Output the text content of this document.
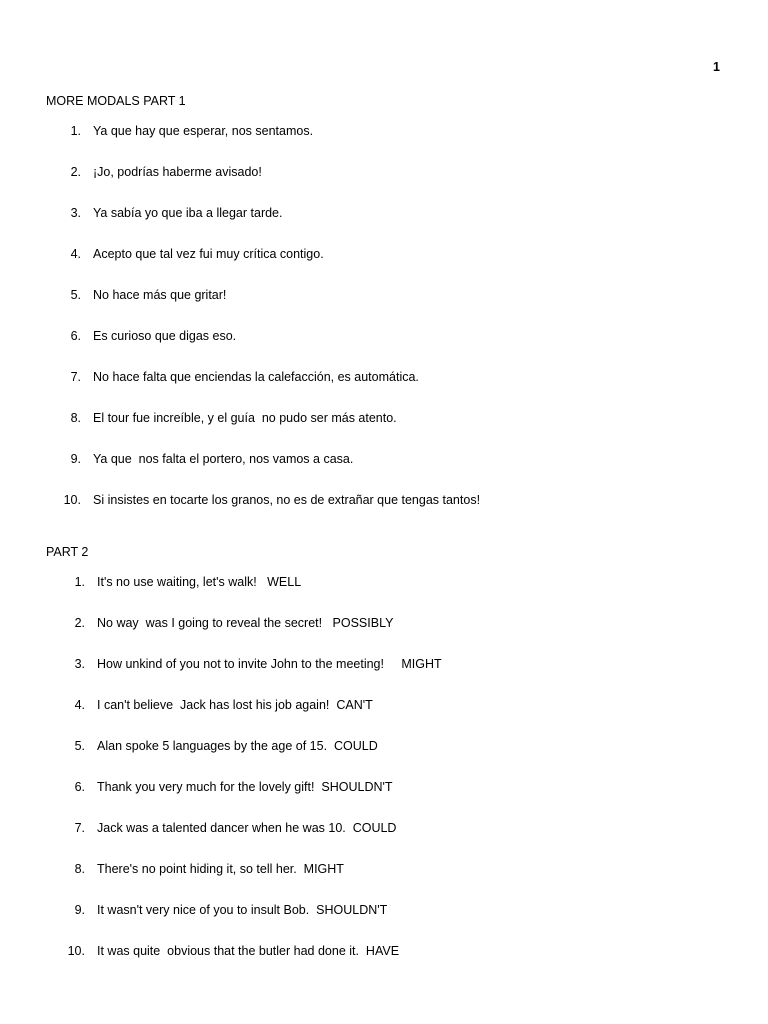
1
MORE MODALS PART 1
1. Ya que hay que esperar, nos sentamos.
2. ¡Jo, podrías haberme avisado!
3. Ya sabía yo que iba a llegar tarde.
4. Acepto que tal vez fui muy crítica contigo.
5. No hace más que gritar!
6. Es curioso que digas eso.
7. No hace falta que enciendas la calefacción, es automática.
8. El tour fue increíble, y el guía  no pudo ser más atento.
9. Ya que  nos falta el portero, nos vamos a casa.
10. Si insistes en tocarte los granos, no es de extrañar que tengas tantos!
PART 2
1. It's no use waiting, let's walk!   WELL
2. No way  was I going to reveal the secret!   POSSIBLY
3. How unkind of you not to invite John to the meeting!     MIGHT
4. I can't believe  Jack has lost his job again!  CAN'T
5. Alan spoke 5 languages by the age of 15.  COULD
6. Thank you very much for the lovely gift!  SHOULDN'T
7. Jack was a talented dancer when he was 10.  COULD
8. There's no point hiding it, so tell her.  MIGHT
9. It wasn't very nice of you to insult Bob.  SHOULDN'T
10. It was quite  obvious that the butler had done it.  HAVE
